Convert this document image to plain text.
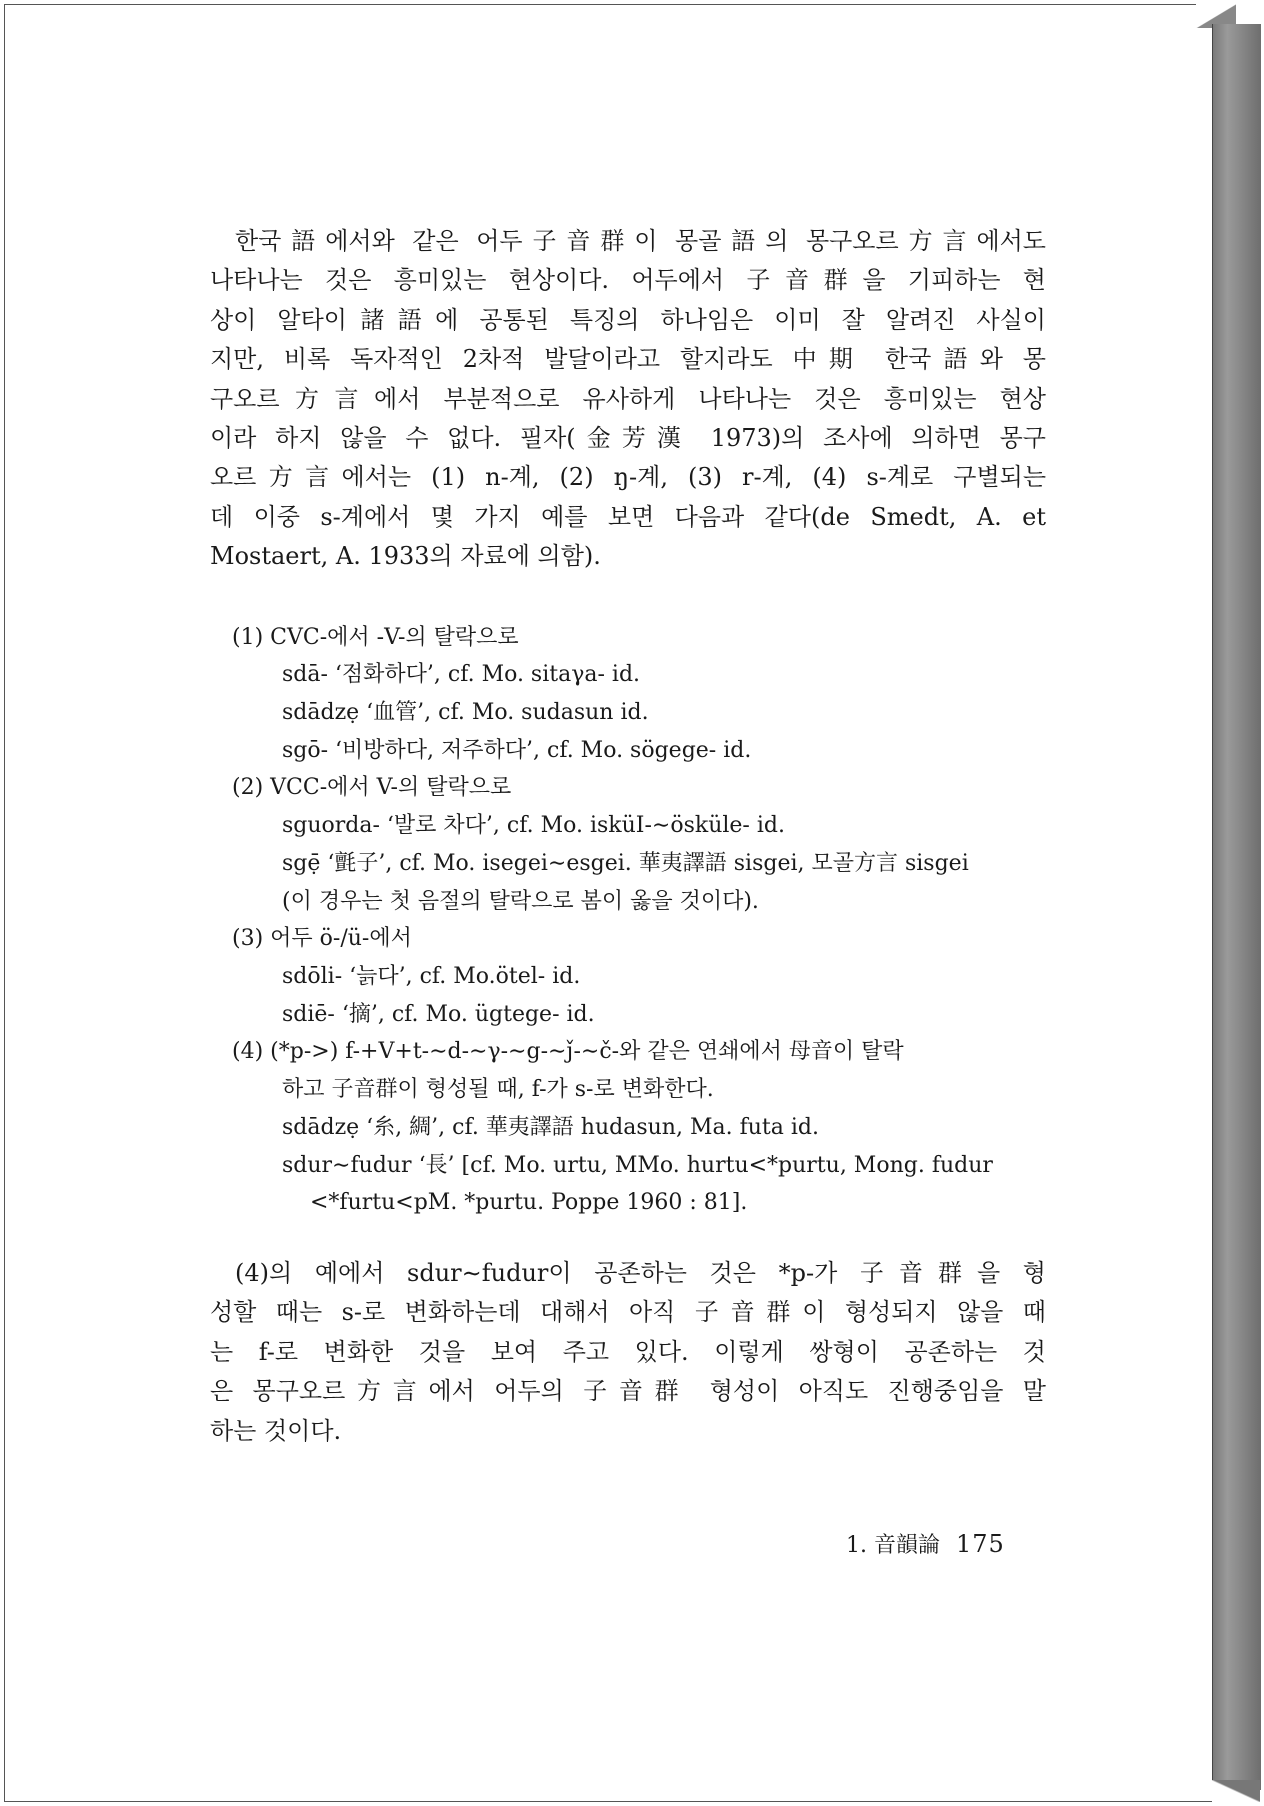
한국語에서와 같은 어두子音群이 몽골語의 몽구오르方言에서도
나타나는 것은 흥미있는 현상이다. 어두에서 子音群을 기피하는 현
상이 알타이諸語에 공통된 특징의 하나임은 이미 잘 알려진 사실이
지만, 비록 독자적인 2차적 발달이라고 할지라도 中期 한국語와 몽
구오르方言에서 부분적으로 유사하게 나타나는 것은 흥미있는 현상
이라 하지 않을 수 없다. 필자(金芳漢 1973)의 조사에 의하면 몽구
오르方言에서는 (1) n-계, (2) ŋ-계, (3) r-계, (4) s-계로 구별되는
데 이중 s-계에서 몇 가지 예를 보면 다음과 같다(de Smedt, A. et
Mostaert, A. 1933의 자료에 의함).

(1) CVC-에서 -V-의 탈락으로
sdā- ‘점화하다’, cf. Mo. sitaγa- id.
sdādzẹ ‘血管’, cf. Mo. sudasun id.
sgō- ‘비방하다, 저주하다’, cf. Mo. sögege- id.
(2) VCC-에서 V-의 탈락으로
sguorda- ‘발로 차다’, cf. Mo. isküI-∼ösküle- id.
sgẹ̄ ‘氈子’, cf. Mo. isegei∼esgei. 華夷譯語 sisgei, 모골方言 sisgei
(이 경우는 첫 음절의 탈락으로 봄이 옳을 것이다).
(3) 어두 ö-/ü-에서
sdōli- ‘늙다’, cf. Mo.ötel- id.
sdiē- ‘摘’, cf. Mo. ügtege- id.
(4) (*p->) f-+V+t-∼d-∼γ-∼g-∼ǰ-∼č-와 같은 연쇄에서 母音이 탈락
하고 子音群이 형성될 때, f-가 s-로 변화한다.
sdādzẹ ‘糸, 綢’, cf. 華夷譯語 hudasun, Ma. futa id.
sdur∼fudur ‘長’ [cf. Mo. urtu, MMo. hurtu<*purtu, Mong. fudur
<*furtu<pM. *purtu. Poppe 1960 : 81].

(4)의 예에서 sdur∼fudur이 공존하는 것은 *p-가 子音群을 형
성할 때는 s-로 변화하는데 대해서 아직 子音群이 형성되지 않을 때
는 f-로 변화한 것을 보여 주고 있다. 이렇게 쌍형이 공존하는 것
은 몽구오르方言에서 어두의 子音群 형성이 아직도 진행중임을 말
하는 것이다.

1. 音韻論 175
